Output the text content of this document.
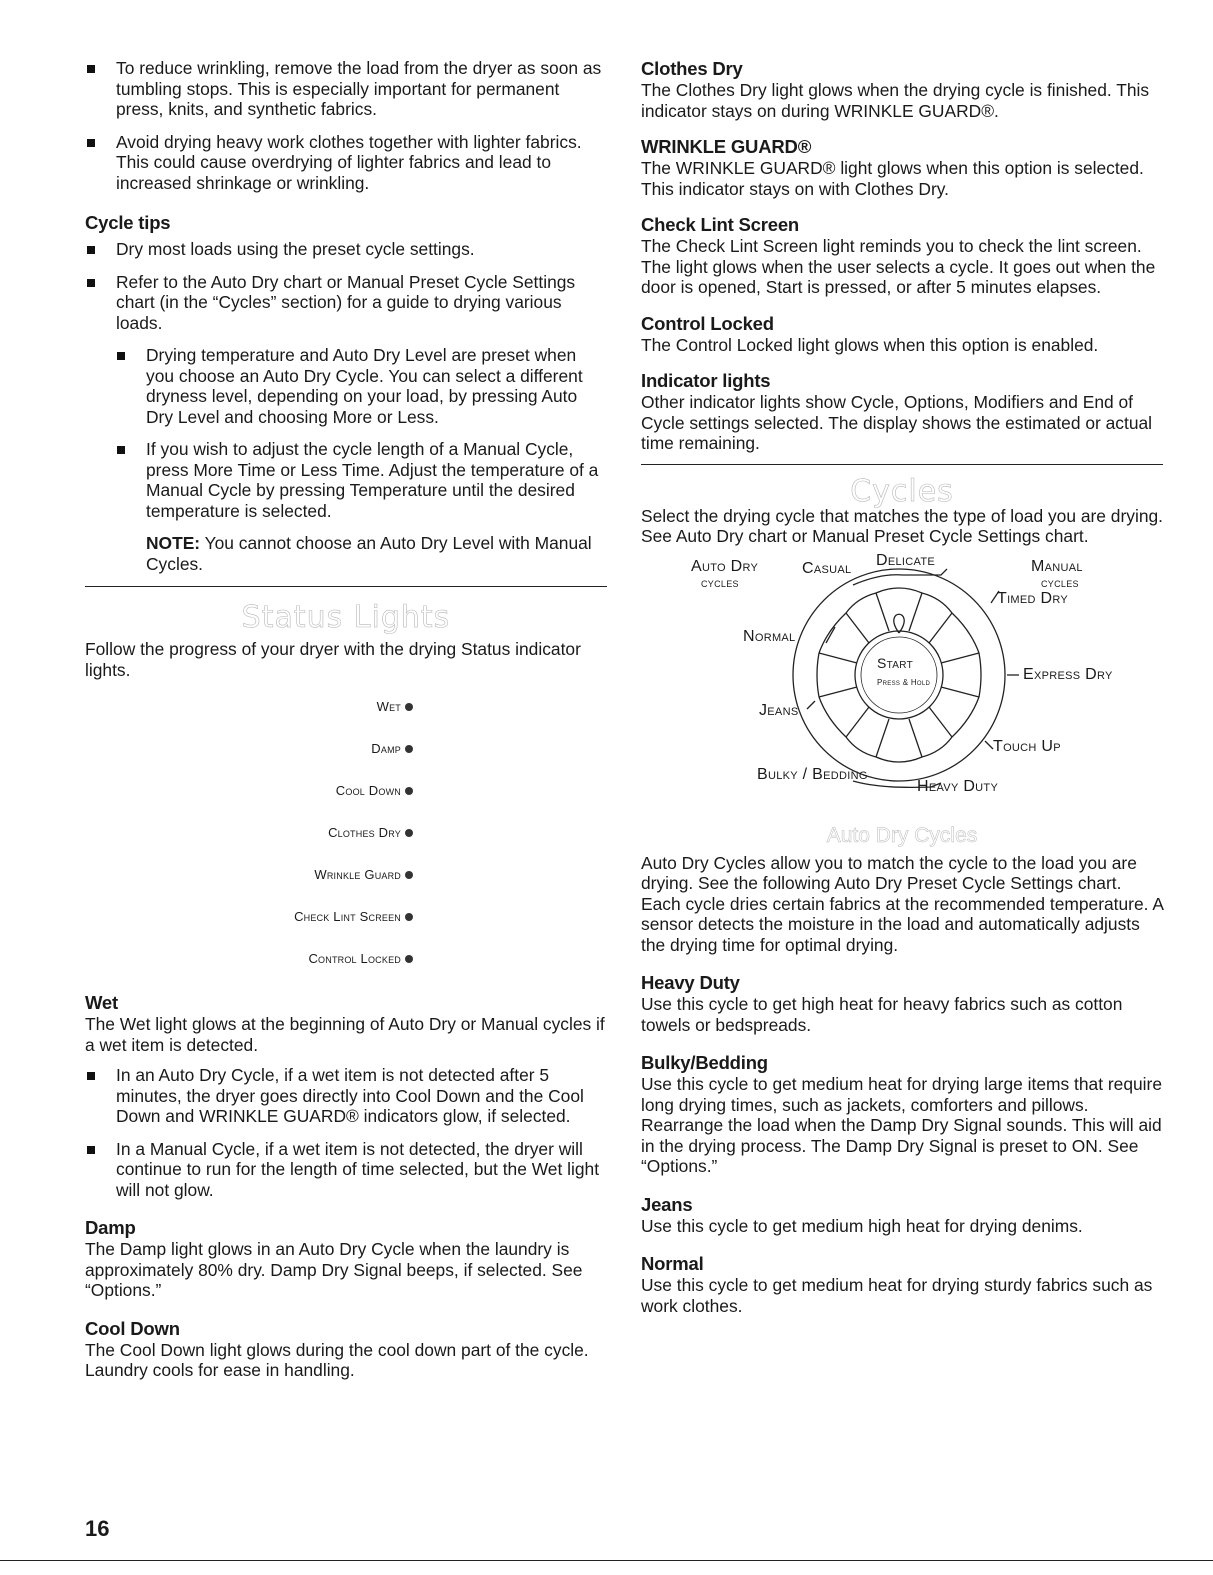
To reduce wrinkling, remove the load from the dryer as soon as tumbling stops. This is especially important for permanent press, knits, and synthetic fabrics.
Avoid drying heavy work clothes together with lighter fabrics. This could cause overdrying of lighter fabrics and lead to increased shrinkage or wrinkling.
Cycle tips
Dry most loads using the preset cycle settings.
Refer to the Auto Dry chart or Manual Preset Cycle Settings chart (in the “Cycles” section) for a guide to drying various loads.
Drying temperature and Auto Dry Level are preset when you choose an Auto Dry Cycle. You can select a different dryness level, depending on your load, by pressing Auto Dry Level and choosing More or Less.
If you wish to adjust the cycle length of a Manual Cycle, press More Time or Less Time. Adjust the temperature of a Manual Cycle by pressing Temperature until the desired temperature is selected.

NOTE: You cannot choose an Auto Dry Level with Manual Cycles.

Status Lights

Follow the progress of your dryer with the drying Status indicator lights.

Wet
Damp
Cool Down
Clothes Dry
Wrinkle Guard
Check Lint Screen
Control Locked
Wet

The Wet light glows at the beginning of Auto Dry or Manual cycles if a wet item is detected.

In an Auto Dry Cycle, if a wet item is not detected after 5 minutes, the dryer goes directly into Cool Down and the Cool Down and WRINKLE GUARD® indicators glow, if selected.
In a Manual Cycle, if a wet item is not detected, the dryer will continue to run for the length of time selected, but the Wet light will not glow.
Damp

The Damp light glows in an Auto Dry Cycle when the laundry is approximately 80% dry. Damp Dry Signal beeps, if selected. See “Options.”

Cool Down

The Cool Down light glows during the cool down part of the cycle. Laundry cools for ease in handling.

Clothes Dry

The Clothes Dry light glows when the drying cycle is finished. This indicator stays on during WRINKLE GUARD®.

WRINKLE GUARD®

The WRINKLE GUARD® light glows when this option is selected. This indicator stays on with Clothes Dry.

Check Lint Screen

The Check Lint Screen light reminds you to check the lint screen. The light glows when the user selects a cycle. It goes out when the door is opened, Start is pressed, or after 5 minutes elapses.

Control Locked

The Control Locked light glows when this option is enabled.

Indicator lights

Other indicator lights show Cycle, Options, Modifiers and End of Cycle settings selected. The display shows the estimated or actual time remaining.

Cycles

Select the drying cycle that matches the type of load you are drying. See Auto Dry chart or Manual Preset Cycle Settings chart.

Auto Dry
cycles
Casual Delicate	Manual
cycles
Timed Dry
Normal
Express Dry
Jeans
Touch Up
Bulky / Bedding
Heavy Duty
Start
Press & Hold
Auto Dry Cycles

Auto Dry Cycles allow you to match the cycle to the load you are drying. See the following Auto Dry Preset Cycle Settings chart. Each cycle dries certain fabrics at the recommended temperature. A sensor detects the moisture in the load and automatically adjusts the drying time for optimal drying.

Heavy Duty

Use this cycle to get high heat for heavy fabrics such as cotton towels or bedspreads.

Bulky/Bedding

Use this cycle to get medium heat for drying large items that require long drying times, such as jackets, comforters and pillows. Rearrange the load when the Damp Dry Signal sounds. This will aid in the drying process. The Damp Dry Signal is preset to ON. See “Options.”

Jeans

Use this cycle to get medium high heat for drying denims.

Normal

Use this cycle to get medium heat for drying sturdy fabrics such as work clothes.

16
